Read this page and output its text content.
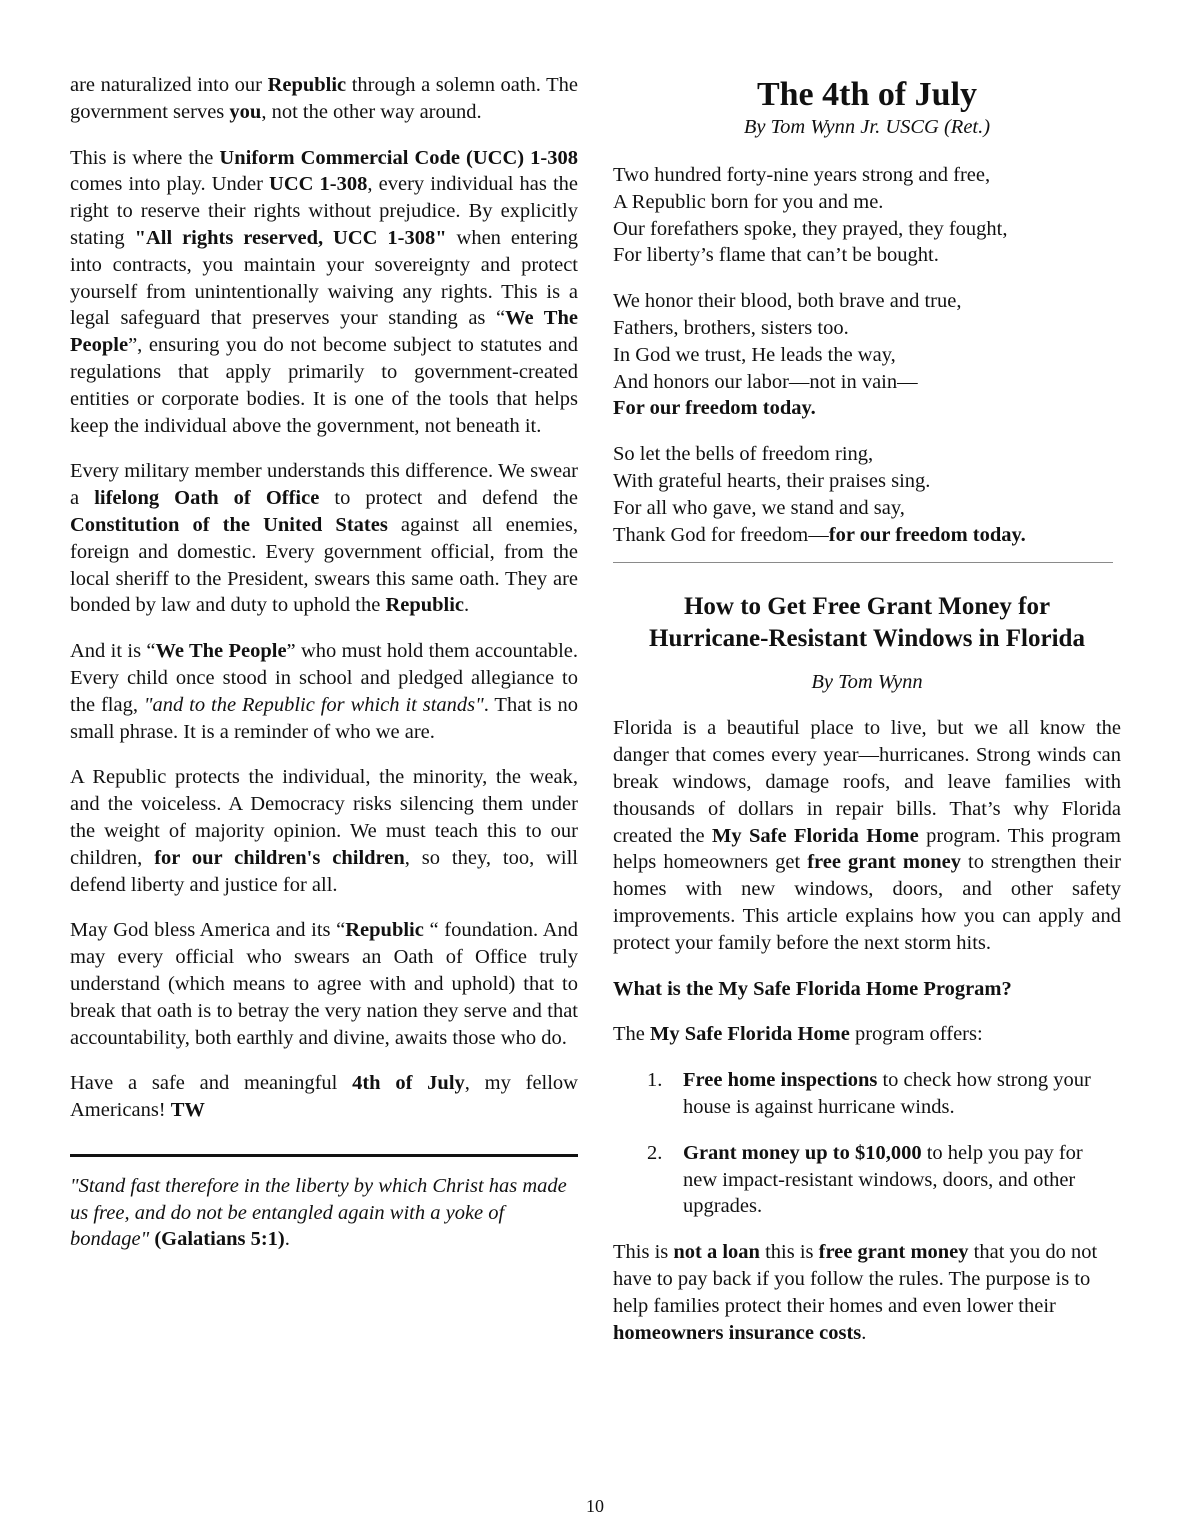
are naturalized into our Republic through a solemn oath. The government serves you, not the other way around.

This is where the Uniform Commercial Code (UCC) 1-308 comes into play. Under UCC 1-308, every individual has the right to reserve their rights without prejudice. By explicitly stating "All rights reserved, UCC 1-308" when entering into contracts, you maintain your sovereignty and protect yourself from unintentionally waiving any rights. This is a legal safeguard that preserves your standing as “We The People”, ensuring you do not become subject to statutes and regulations that apply primarily to government-created entities or corporate bodies. It is one of the tools that helps keep the individual above the government, not beneath it.

Every military member understands this difference. We swear a lifelong Oath of Office to protect and defend the Constitution of the United States against all enemies, foreign and domestic. Every government official, from the local sheriff to the President, swears this same oath. They are bonded by law and duty to uphold the Republic.

And it is “We The People” who must hold them accountable. Every child once stood in school and pledged allegiance to the flag, "and to the Republic for which it stands". That is no small phrase. It is a reminder of who we are.

A Republic protects the individual, the minority, the weak, and the voiceless. A Democracy risks silencing them under the weight of majority opinion. We must teach this to our children, for our children's children, so they, too, will defend liberty and justice for all.

May God bless America and its “Republic “ foundation. And may every official who swears an Oath of Office truly understand (which means to agree with and uphold) that to break that oath is to betray the very nation they serve and that accountability, both earthly and divine, awaits those who do.

Have a safe and meaningful 4th of July, my fellow Americans! TW

"Stand fast therefore in the liberty by which Christ has made us free, and do not be entangled again with a yoke of bondage" (Galatians 5:1).

The 4th of July
By Tom Wynn Jr. USCG (Ret.)
Two hundred forty-nine years strong and free,
A Republic born for you and me.
Our forefathers spoke, they prayed, they fought,
For liberty’s flame that can’t be bought.
We honor their blood, both brave and true,
Fathers, brothers, sisters too.
In God we trust, He leads the way,
And honors our labor—not in vain—
For our freedom today.
So let the bells of freedom ring,
With grateful hearts, their praises sing.
For all who gave, we stand and say,
Thank God for freedom—for our freedom today.
How to Get Free Grant Money for
Hurricane-Resistant Windows in Florida
By Tom Wynn

Florida is a beautiful place to live, but we all know the danger that comes every year—hurricanes. Strong winds can break windows, damage roofs, and leave families with thousands of dollars in repair bills. That’s why Florida created the My Safe Florida Home program. This program helps homeowners get free grant money to strengthen their homes with new windows, doors, and other safety improvements. This article explains how you can apply and protect your family before the next storm hits.

What is the My Safe Florida Home Program?

The My Safe Florida Home program offers:

1. Free home inspections to check how strong your house is against hurricane winds.
2. Grant money up to $10,000 to help you pay for new impact-resistant windows, doors, and other upgrades.

This is not a loan this is free grant money that you do not have to pay back if you follow the rules. The purpose is to help families protect their homes and even lower their homeowners insurance costs.

10
